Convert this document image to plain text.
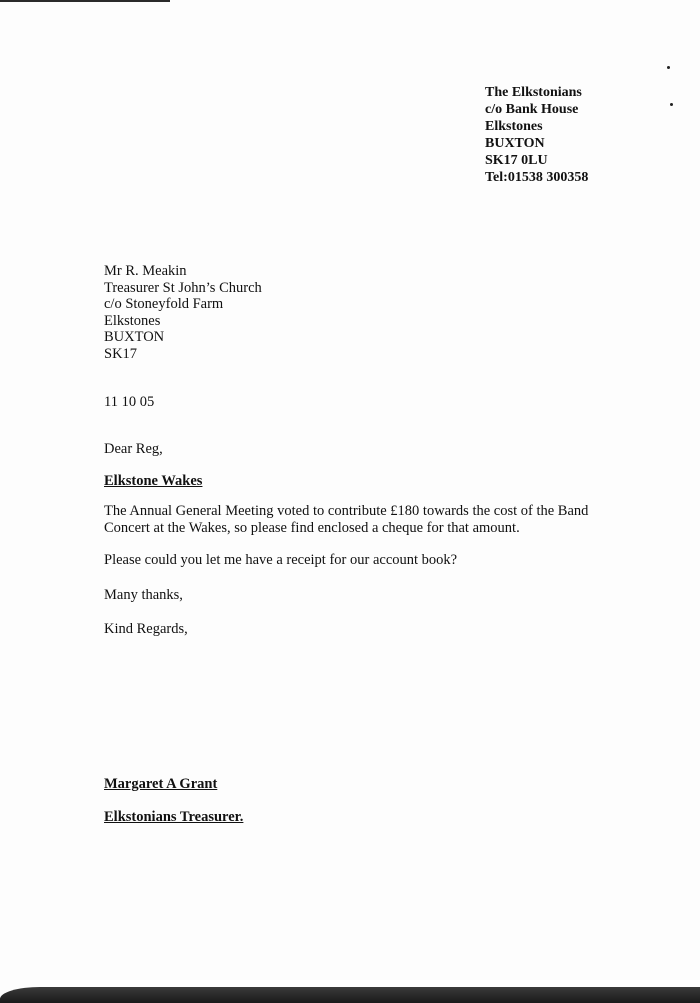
The Elkstonians
c/o Bank House
Elkstones
BUXTON
SK17 0LU
Tel:01538 300358
Mr R. Meakin
Treasurer St John’s Church
c/o Stoneyfold Farm
Elkstones
BUXTON
SK17
11 10 05
Dear Reg,
Elkstone Wakes
The Annual General Meeting voted to contribute £180 towards the cost of the Band
Concert at the Wakes, so please find enclosed a cheque for that amount.
Please could you let me have a receipt for our account book?
Many thanks,
Kind Regards,
Margaret A Grant
Elkstonians Treasurer.
